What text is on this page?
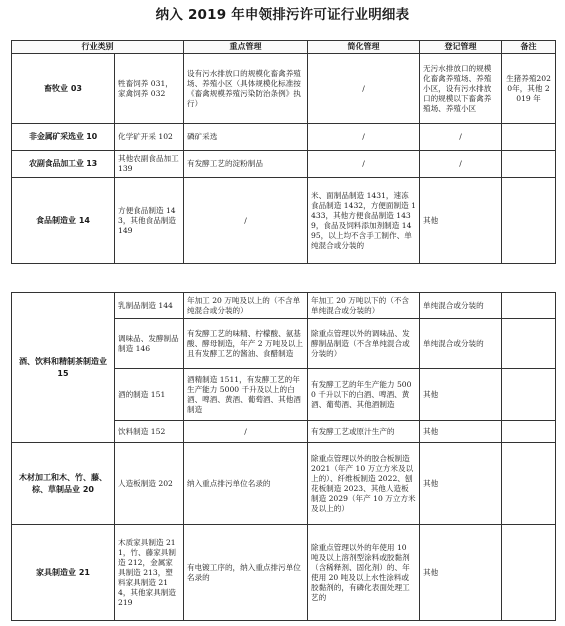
纳入 2019 年申领排污许可证行业明细表
行业类别		重点管理	简化管理	登记管理	备注
畜牧业 03	牲畜饲养 031，家禽饲养 032	设有污水排放口的规模化畜禽养殖场、养殖小区（具体规模化标准按《畜禽规模养殖污染防治条例》执行）	/	无污水排放口的规模化畜禽养殖场、养殖小区，设有污水排放口的规模以下畜禽养殖场、养殖小区	生猪养殖2020年，其他 2019 年
非金属矿采选业 10	化学矿开采 102	磷矿采选	/	/	
农副食品加工业 13	其他农副食品加工 139	有发酵工艺的淀粉制品	/	/	
食品制造业 14	方便食品制造 143，其他食品制造 149	/	米、面制品制造 1431，速冻食品制造 1432，方便面制造 1433，其他方便食品制造 1439，食品及饲料添加剂制造 1495，以上均不含手工制作、单纯混合或分装的	其他	
酒、饮料和精制茶制造业 15	乳制品制造 144	年加工 20 万吨及以上的（不含单纯混合或分装的）	年加工 20 万吨以下的（不含单纯混合或分装的）	单纯混合或分装的	
	调味品、发酵制品制造 146	有发酵工艺的味精、柠檬酸、氨基酸、酵母制造，年产 2 万吨及以上且有发酵工艺的酱油、食醋制造	除重点管理以外的调味品、发酵制品制造（不含单纯混合或分装的）	单纯混合或分装的	
	酒的制造 151	酒精制造 1511，有发酵工艺的年生产能力 5000 千升及以上的白酒、啤酒、黄酒、葡萄酒、其他酒制造	有发酵工艺的年生产能力 5000 千升以下的白酒、啤酒、黄酒、葡萄酒、其他酒制造	其他	
	饮料制造 152	/	有发酵工艺或原汁生产的	其他	
木材加工和木、竹、藤、棕、草制品业 20	人造板制造 202	纳入重点排污单位名录的	除重点管理以外的胶合板制造 2021（年产 10 万立方米及以上的）、纤维板制造 2022、刨花板制造 2023、其他人造板制造 2029（年产 10 万立方米及以上的）	其他	
家具制造业 21	木质家具制造 211，竹、藤家具制造 212，金属家具制造 213，塑料家具制造 214，其他家具制造 219	有电镀工序的，纳入重点排污单位名录的	除重点管理以外的年使用 10 吨及以上溶剂型涂料或胶黏剂（含稀释剂、固化剂）的、年使用 20 吨及以上水性涂料或胶黏剂的，有磷化表面处理工艺的	其他	
